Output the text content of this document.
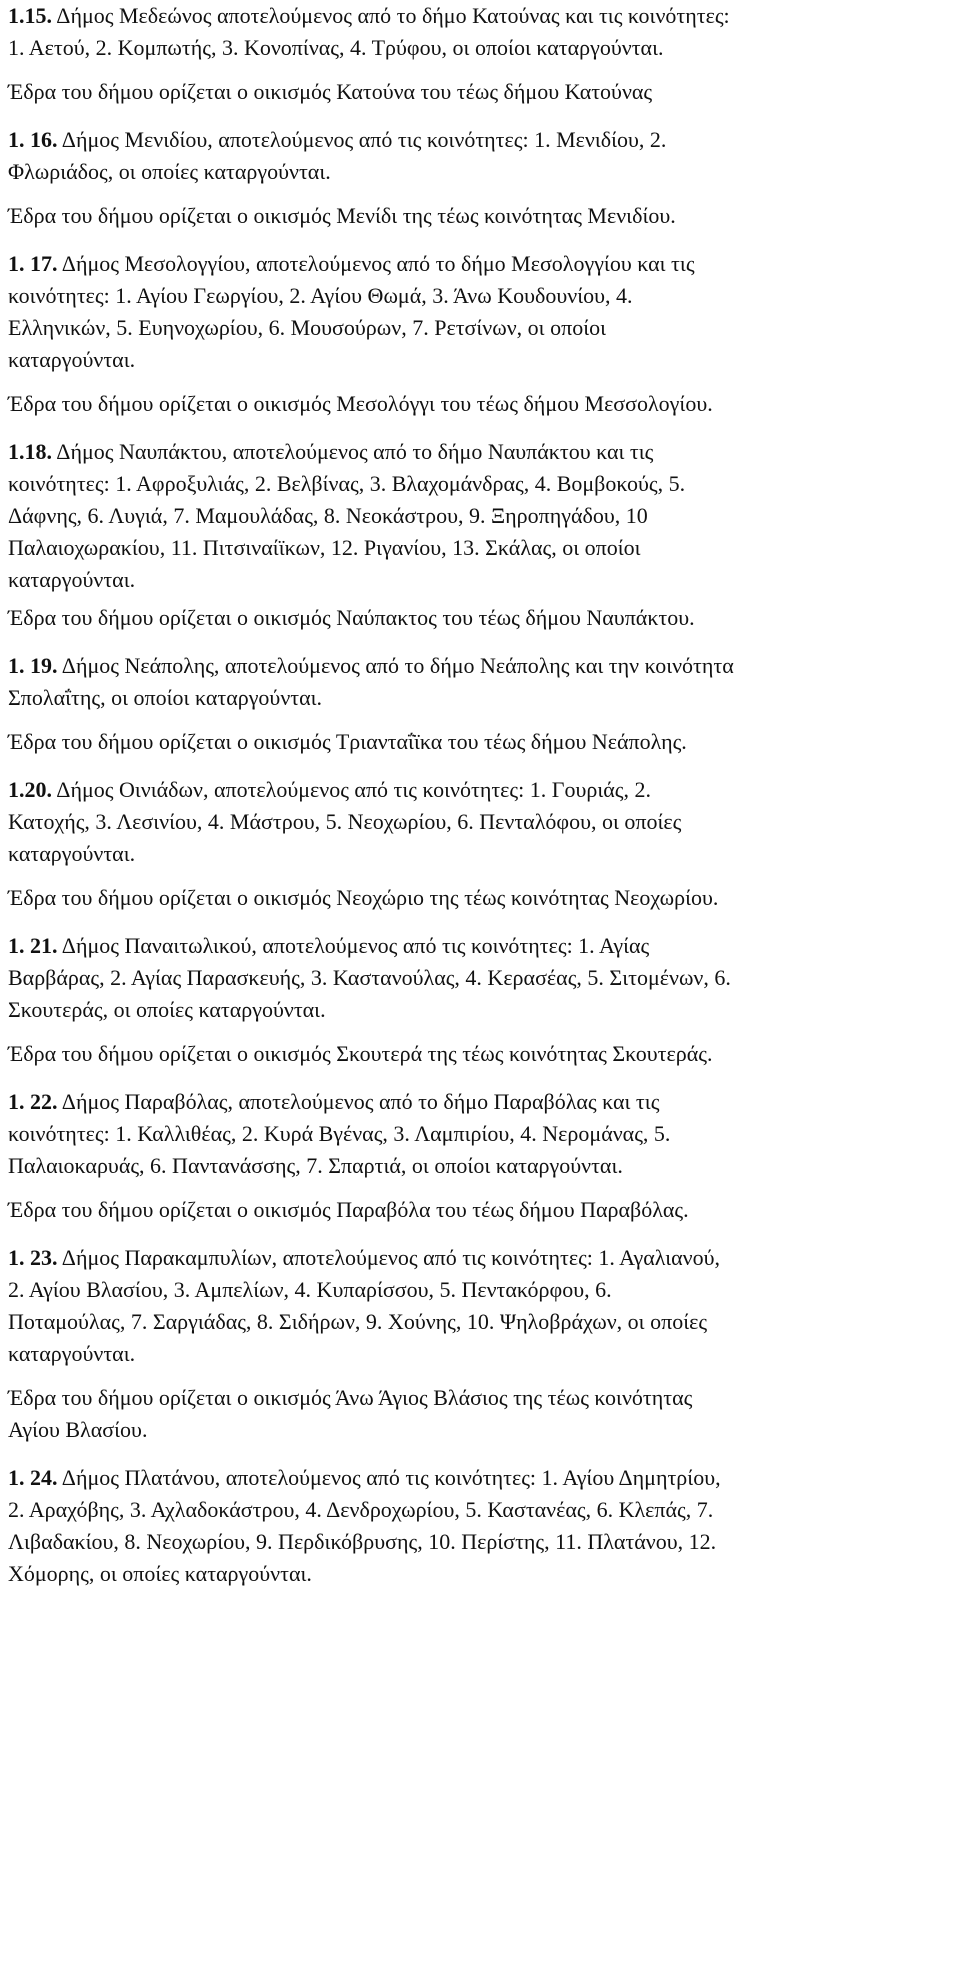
1.15. Δήμος Μεδεώνος αποτελούμενος από το δήμο Κατούνας και τις κοινότητες:
1. Αετού, 2. Κομπωτής, 3. Κονοπίνας, 4. Τρύφου, οι οποίοι καταργούνται.
Έδρα του δήμου ορίζεται ο οικισμός Κατούνα του τέως δήμου Κατούνας
1. 16. Δήμος Μενιδίου, αποτελούμενος από τις κοινότητες: 1. Μενιδίου, 2.
Φλωριάδος, οι οποίες καταργούνται.
Έδρα του δήμου ορίζεται ο οικισμός Μενίδι της τέως κοινότητας Μενιδίου.
1. 17. Δήμος Μεσολογγίου, αποτελούμενος από το δήμο Μεσολογγίου και τις
κοινότητες: 1. Αγίου Γεωργίου, 2. Αγίου Θωμά, 3. Άνω Κουδουνίου, 4.
Ελληνικών, 5. Ευηνοχωρίου, 6. Μουσούρων, 7. Ρετσίνων, οι οποίοι
καταργούνται.
Έδρα του δήμου ορίζεται ο οικισμός Μεσολόγγι του τέως δήμου Μεσσολογίου.
1.18. Δήμος Ναυπάκτου, αποτελούμενος από το δήμο Ναυπάκτου και τις
κοινότητες: 1. Αφροξυλιάς, 2. Βελβίνας, 3. Βλαχομάνδρας, 4. Βομβοκούς, 5.
Δάφνης, 6. Λυγιά, 7. Μαμουλάδας, 8. Νεοκάστρου, 9. Ξηροπηγάδου, 10
Παλαιοχωρακίου, 11. Πιτσιναίϊκων, 12. Ριγανίου, 13. Σκάλας, οι οποίοι
καταργούνται.
Έδρα του δήμου ορίζεται ο οικισμός Ναύπακτος του τέως δήμου Ναυπάκτου.
1. 19. Δήμος Νεάπολης, αποτελούμενος από το δήμο Νεάπολης και την κοινότητα
Σπολαΐτης, οι οποίοι καταργούνται.
Έδρα του δήμου ορίζεται ο οικισμός Τριανταΐϊκα του τέως δήμου Νεάπολης.
1.20. Δήμος Οινιάδων, αποτελούμενος από τις κοινότητες: 1. Γουριάς, 2.
Κατοχής, 3. Λεσινίου, 4. Μάστρου, 5. Νεοχωρίου, 6. Πενταλόφου, οι οποίες
καταργούνται.
Έδρα του δήμου ορίζεται ο οικισμός Νεοχώριο της τέως κοινότητας Νεοχωρίου.
1. 21. Δήμος Παναιτωλικού, αποτελούμενος από τις κοινότητες: 1. Αγίας
Βαρβάρας, 2. Αγίας Παρασκευής, 3. Καστανούλας, 4. Κερασέας, 5. Σιτομένων, 6.
Σκουτεράς, οι οποίες καταργούνται.
Έδρα του δήμου ορίζεται ο οικισμός Σκουτερά της τέως κοινότητας Σκουτεράς.
1. 22. Δήμος Παραβόλας, αποτελούμενος από το δήμο Παραβόλας και τις
κοινότητες: 1. Καλλιθέας, 2. Κυρά Βγένας, 3. Λαμπιρίου, 4. Νερομάνας, 5.
Παλαιοκαρυάς, 6. Παντανάσσης, 7. Σπαρτιά, οι οποίοι καταργούνται.
Έδρα του δήμου ορίζεται ο οικισμός Παραβόλα του τέως δήμου Παραβόλας.
1. 23. Δήμος Παρακαμπυλίων, αποτελούμενος από τις κοινότητες: 1. Αγαλιανού,
2. Αγίου Βλασίου, 3. Αμπελίων, 4. Κυπαρίσσου, 5. Πεντακόρφου, 6.
Ποταμούλας, 7. Σαργιάδας, 8. Σιδήρων, 9. Χούνης, 10. Ψηλοβράχων, οι οποίες
καταργούνται.
Έδρα του δήμου ορίζεται ο οικισμός Άνω Άγιος Βλάσιος της τέως κοινότητας
Αγίου Βλασίου.
1. 24. Δήμος Πλατάνου, αποτελούμενος από τις κοινότητες: 1. Αγίου Δημητρίου,
2. Αραχόβης, 3. Αχλαδοκάστρου, 4. Δενδροχωρίου, 5. Καστανέας, 6. Κλεπάς, 7.
Λιβαδακίου, 8. Νεοχωρίου, 9. Περδικόβρυσης, 10. Περίστης, 11. Πλατάνου, 12.
Χόμορης, οι οποίες καταργούνται.
